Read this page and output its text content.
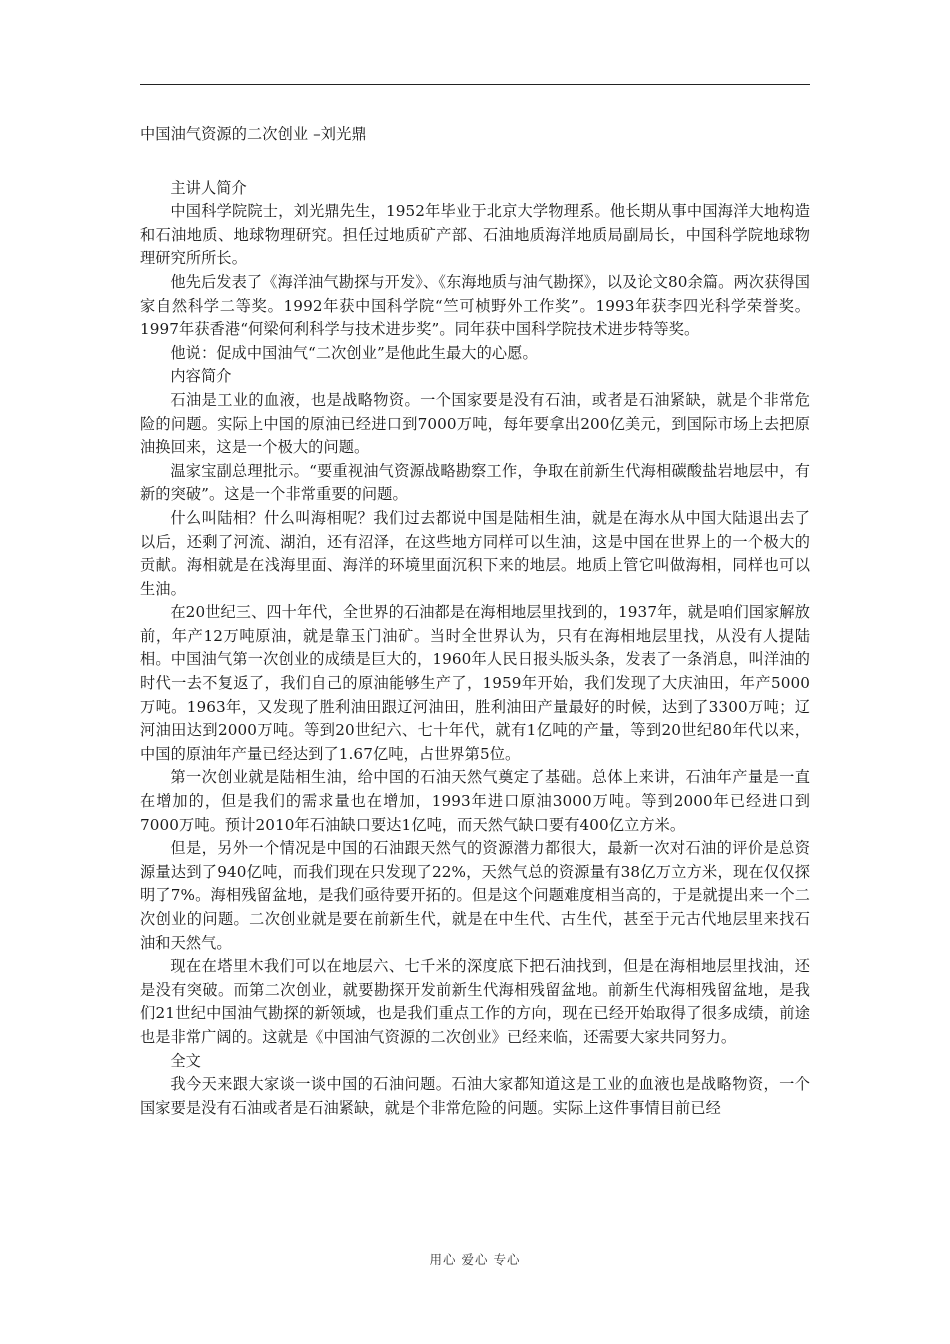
中国油气资源的二次创业 –刘光鼎

主讲人简介

中国科学院院士，刘光鼎先生，1952年毕业于北京大学物理系。他长期从事中国海洋大地构造和石油地质、地球物理研究。担任过地质矿产部、石油地质海洋地质局副局长，中国科学院地球物理研究所所长。

他先后发表了《海洋油气勘探与开发》、《东海地质与油气勘探》，以及论文80余篇。两次获得国家自然科学二等奖。1992年获中国科学院“竺可桢野外工作奖”。1993年获李四光科学荣誉奖。1997年获香港“何梁何利科学与技术进步奖”。同年获中国科学院技术进步特等奖。

他说：促成中国油气“二次创业”是他此生最大的心愿。

内容简介

石油是工业的血液，也是战略物资。一个国家要是没有石油，或者是石油紧缺，就是个非常危险的问题。实际上中国的原油已经进口到7000万吨，每年要拿出200亿美元，到国际市场上去把原油换回来，这是一个极大的问题。

温家宝副总理批示。“要重视油气资源战略勘察工作，争取在前新生代海相碳酸盐岩地层中，有新的突破”。这是一个非常重要的问题。

什么叫陆相？什么叫海相呢？我们过去都说中国是陆相生油，就是在海水从中国大陆退出去了以后，还剩了河流、湖泊，还有沼泽，在这些地方同样可以生油，这是中国在世界上的一个极大的贡献。海相就是在浅海里面、海洋的环境里面沉积下来的地层。地质上管它叫做海相，同样也可以生油。

在20世纪三、四十年代，全世界的石油都是在海相地层里找到的，1937年，就是咱们国家解放前，年产12万吨原油，就是靠玉门油矿。当时全世界认为，只有在海相地层里找，从没有人提陆相。中国油气第一次创业的成绩是巨大的，1960年人民日报头版头条，发表了一条消息，叫洋油的时代一去不复返了，我们自己的原油能够生产了，1959年开始，我们发现了大庆油田，年产5000万吨。1963年，又发现了胜利油田跟辽河油田，胜利油田产量最好的时候，达到了3300万吨；辽河油田达到2000万吨。等到20世纪六、七十年代，就有1亿吨的产量，等到20世纪80年代以来，中国的原油年产量已经达到了1.67亿吨，占世界第5位。

第一次创业就是陆相生油，给中国的石油天然气奠定了基础。总体上来讲，石油年产量是一直在增加的，但是我们的需求量也在增加，1993年进口原油3000万吨。等到2000年已经进口到7000万吨。预计2010年石油缺口要达1亿吨，而天然气缺口要有400亿立方米。

但是，另外一个情况是中国的石油跟天然气的资源潜力都很大，最新一次对石油的评价是总资源量达到了940亿吨，而我们现在只发现了22%，天然气总的资源量有38亿万立方米，现在仅仅探明了7%。海相残留盆地，是我们亟待要开拓的。但是这个问题难度相当高的，于是就提出来一个二次创业的问题。二次创业就是要在前新生代，就是在中生代、古生代，甚至于元古代地层里来找石油和天然气。

现在在塔里木我们可以在地层六、七千米的深度底下把石油找到，但是在海相地层里找油，还是没有突破。而第二次创业，就要勘探开发前新生代海相残留盆地。前新生代海相残留盆地，是我们21世纪中国油气勘探的新领域，也是我们重点工作的方向，现在已经开始取得了很多成绩，前途也是非常广阔的。这就是《中国油气资源的二次创业》已经来临，还需要大家共同努力。

全文

我今天来跟大家谈一谈中国的石油问题。石油大家都知道这是工业的血液也是战略物资，一个国家要是没有石油或者是石油紧缺，就是个非常危险的问题。实际上这件事情目前已经

用心 爱心 专心
